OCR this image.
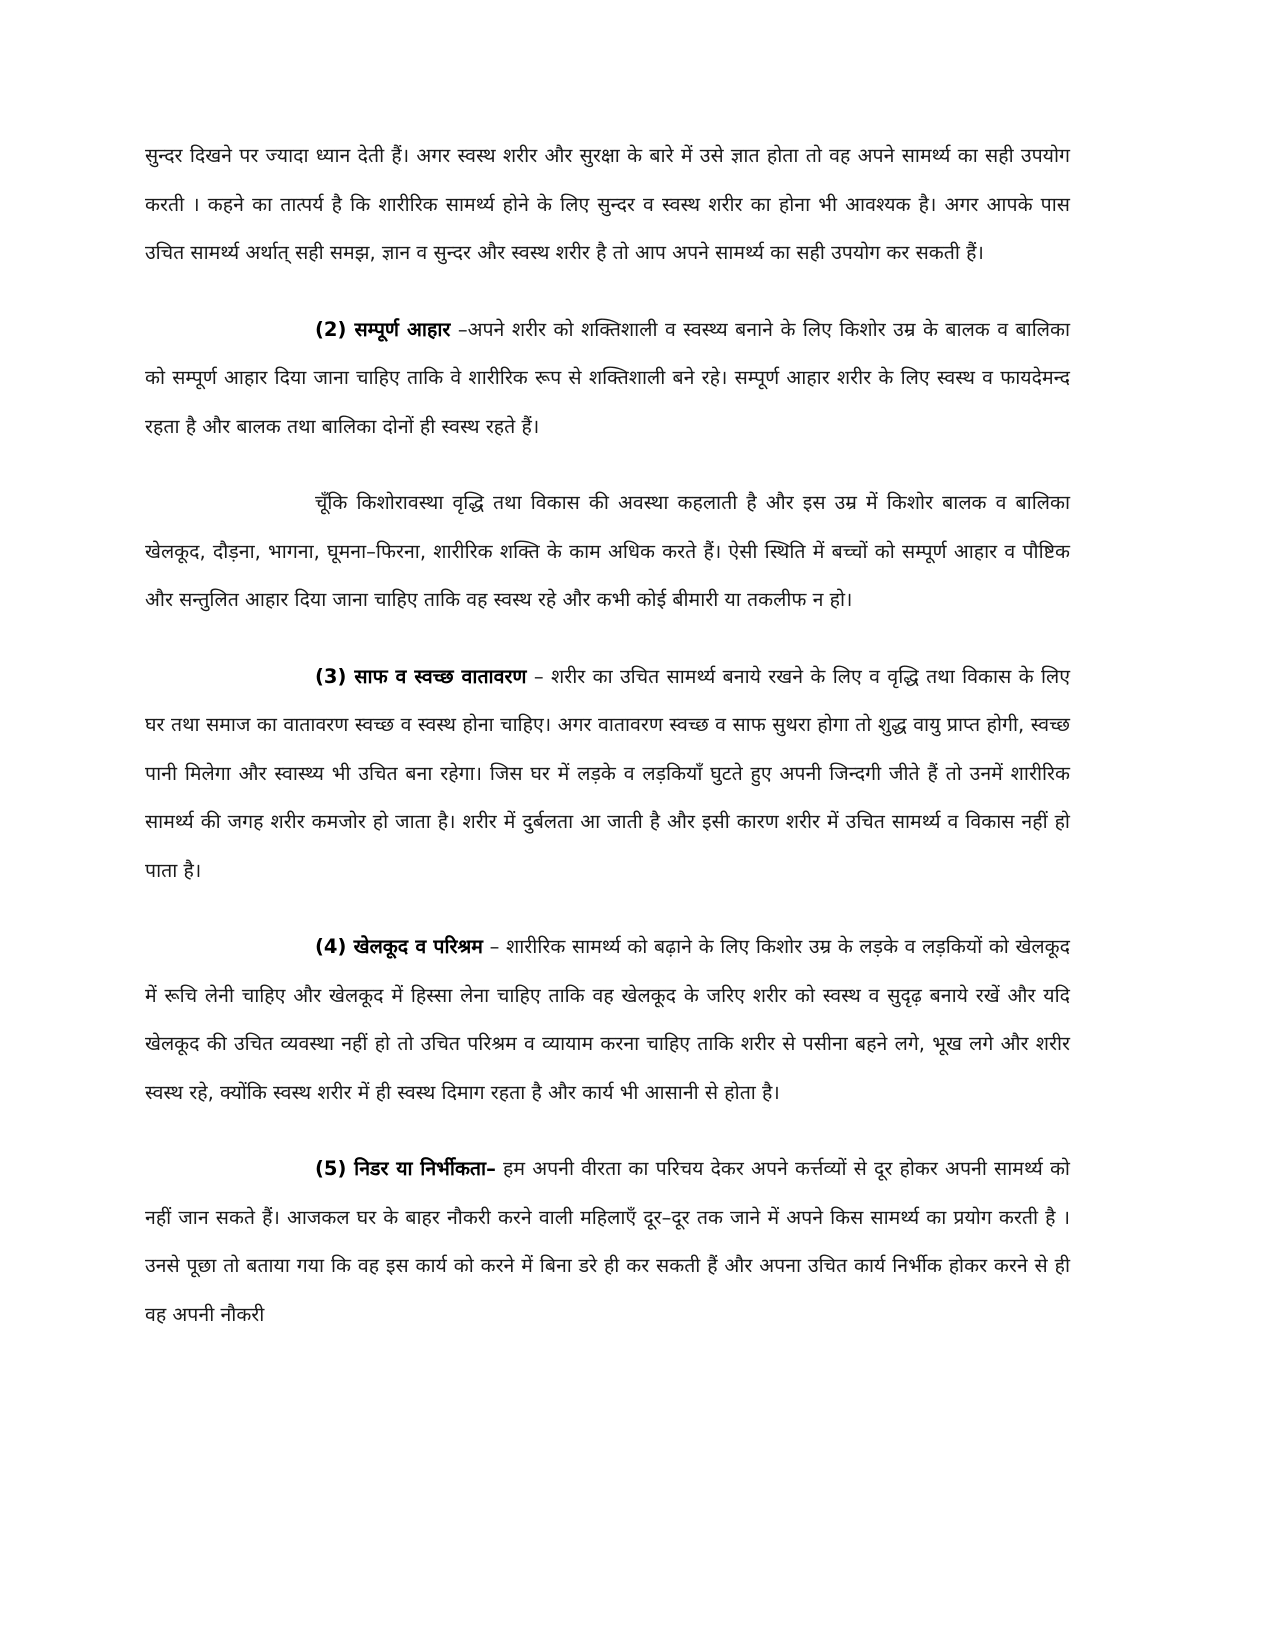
सुन्दर दिखने पर ज्यादा ध्यान देती हैं। अगर स्वस्थ शरीर और सुरक्षा के बारे में उसे ज्ञात होता तो वह अपने सामर्थ्य का सही उपयोग करती । कहने का तात्पर्य है कि शारीरिक सामर्थ्य होने के लिए सुन्दर व स्वस्थ शरीर का होना भी आवश्यक है। अगर आपके पास उचित सामर्थ्य अर्थात् सही समझ, ज्ञान व सुन्दर और स्वस्थ शरीर है तो आप अपने सामर्थ्य का सही उपयोग कर सकती हैं।

(2) सम्पूर्ण आहार –अपने शरीर को शक्तिशाली व स्वस्थ्य बनाने के लिए किशोर उम्र के बालक व बालिका को सम्पूर्ण आहार दिया जाना चाहिए ताकि वे शारीरिक रूप से शक्तिशाली बने रहे। सम्पूर्ण आहार शरीर के लिए स्वस्थ व फायदेमन्द रहता है और बालक तथा बालिका दोनों ही स्वस्थ रहते हैं।

चूँकि किशोरावस्था वृद्धि तथा विकास की अवस्था कहलाती है और इस उम्र में किशोर बालक व बालिका खेलकूद, दौड़ना, भागना, घूमना–फिरना, शारीरिक शक्ति के काम अधिक करते हैं। ऐसी स्थिति में बच्चों को सम्पूर्ण आहार व पौष्टिक और सन्तुलित आहार दिया जाना चाहिए ताकि वह स्वस्थ रहे और कभी कोई बीमारी या तकलीफ न हो।

(3) साफ व स्वच्छ वातावरण – शरीर का उचित सामर्थ्य बनाये रखने के लिए व वृद्धि तथा विकास के लिए घर तथा समाज का वातावरण स्वच्छ व स्वस्थ होना चाहिए। अगर वातावरण स्वच्छ व साफ सुथरा होगा तो शुद्ध वायु प्राप्त होगी, स्वच्छ पानी मिलेगा और स्वास्थ्य भी उचित बना रहेगा। जिस घर में लड़के व लड़कियाँ घुटते हुए अपनी जिन्दगी जीते हैं तो उनमें शारीरिक सामर्थ्य की जगह शरीर कमजोर हो जाता है। शरीर में दुर्बलता आ जाती है और इसी कारण शरीर में उचित सामर्थ्य व विकास नहीं हो पाता है।

(4) खेलकूद व परिश्रम – शारीरिक सामर्थ्य को बढ़ाने के लिए किशोर उम्र के लड़के व लड़कियों को खेलकूद में रूचि लेनी चाहिए और खेलकूद में हिस्सा लेना चाहिए ताकि वह खेलकूद के जरिए शरीर को स्वस्थ व सुदृढ़ बनाये रखें और यदि खेलकूद की उचित व्यवस्था नहीं हो तो उचित परिश्रम व व्यायाम करना चाहिए ताकि शरीर से पसीना बहने लगे, भूख लगे और शरीर स्वस्थ रहे, क्योंकि स्वस्थ शरीर में ही स्वस्थ दिमाग रहता है और कार्य भी आसानी से होता है।

(5) निडर या निर्भीकता– हम अपनी वीरता का परिचय देकर अपने कर्त्तव्यों से दूर होकर अपनी सामर्थ्य को नहीं जान सकते हैं। आजकल घर के बाहर नौकरी करने वाली महिलाएँ दूर–दूर तक जाने में अपने किस सामर्थ्य का प्रयोग करती है । उनसे पूछा तो बताया गया कि वह इस कार्य को करने में बिना डरे ही कर सकती हैं और अपना उचित कार्य निर्भीक होकर करने से ही वह अपनी नौकरी
